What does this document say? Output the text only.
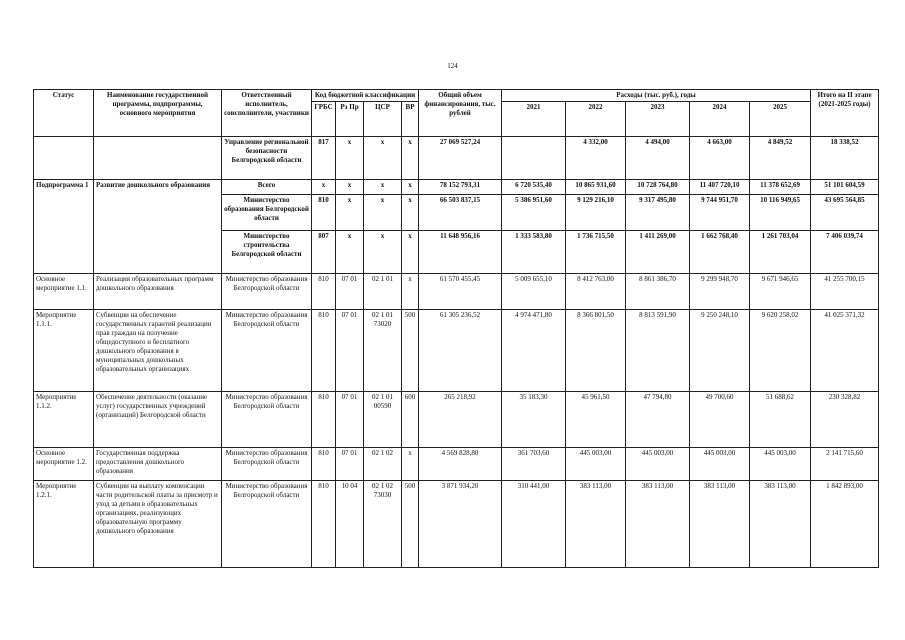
124
Статус	Наименование государственной программы, подпрограммы, основного мероприятия	Ответственный исполнитель, соисполнители, участники	Код бюджетной классификации				Общий объем финансирования, тыс. рублей	Расходы (тыс. руб.), годы					Итого на II этапе (2021-2025 годы)
			ГРБС	Рз Пр	ЦСР	ВР		2021	2022	2023	2024	2025	
		Управление региональной безопасности Белгородской области	817	x	x	x	27 069 527,24		4 332,00	4 494,00	4 663,00	4 849,52	18 338,52
Подпрограмма 1	Развитие дошкольного образования	Всего	x	x	x	x	78 152 793,31	6 720 535,40	10 865 931,60	10 728 764,80	11 407 720,10	11 378 652,69	51 101 604,59
		Министерство образования Белгородской области	810	x	x	x	66 503 837,15	5 386 951,60	9 129 216,10	9 317 495,80	9 744 951,70	10 116 949,65	43 695 564,85
		Министерство строительства Белгородской области	807	x	x	x	11 648 956,16	1 333 583,80	1 736 715,50	1 411 269,00	1 662 768,40	1 261 703,04	7 406 039,74
Основное мероприятие 1.1.	Реализация образовательных программ дошкольного образования	Министерство образования Белгородской области	810	07 01	02 1 01	x	61 570 455,45	5 009 655,10	8 412 763,00	8 861 386,70	9 299 948,70	9 671 946,65	41 255 700,15
Мероприятие 1.1.1.	Субвенции на обеспечение государственных гарантий реализации прав граждан на получение общедоступного и бесплатного дошкольного образования в муниципальных дошкольных образовательных организациях	Министерство образования Белгородской области	810	07 01	02 1 01 73020	500	61 305 236,52	4 974 471,80	8 366 801,50	8 813 591,90	9 250 248,10	9 620 258,02	41 025 371,32
Мероприятие 1.1.2.	Обеспечение деятельности (оказание услуг) государственных учреждений (организаций) Белгородской области	Министерство образования Белгородской области	810	07 01	02 1 01 00590	600	265 218,92	35 183,30	45 961,50	47 794,80	49 700,60	51 688,62	230 328,82
Основное мероприятие 1.2.	Государственная поддержка предоставления дошкольного образования	Министерство образования Белгородской области	810	07 01	02 1 02	x	4 569 828,80	361 703,60	445 003,00	445 003,00	445 003,00	445 003,00	2 141 715,60
Мероприятие 1.2.1.	Субвенции на выплату компенсации части родительской платы за присмотр и уход за детьми в образовательных организациях, реализующих образовательную программу дошкольного образования	Министерство образования Белгородской области	810	10 04	02 1 02 73030	500	3 871 934,20	310 441,00	383 113,00	383 113,00	383 113,00	383 113,00	1 842 893,00
